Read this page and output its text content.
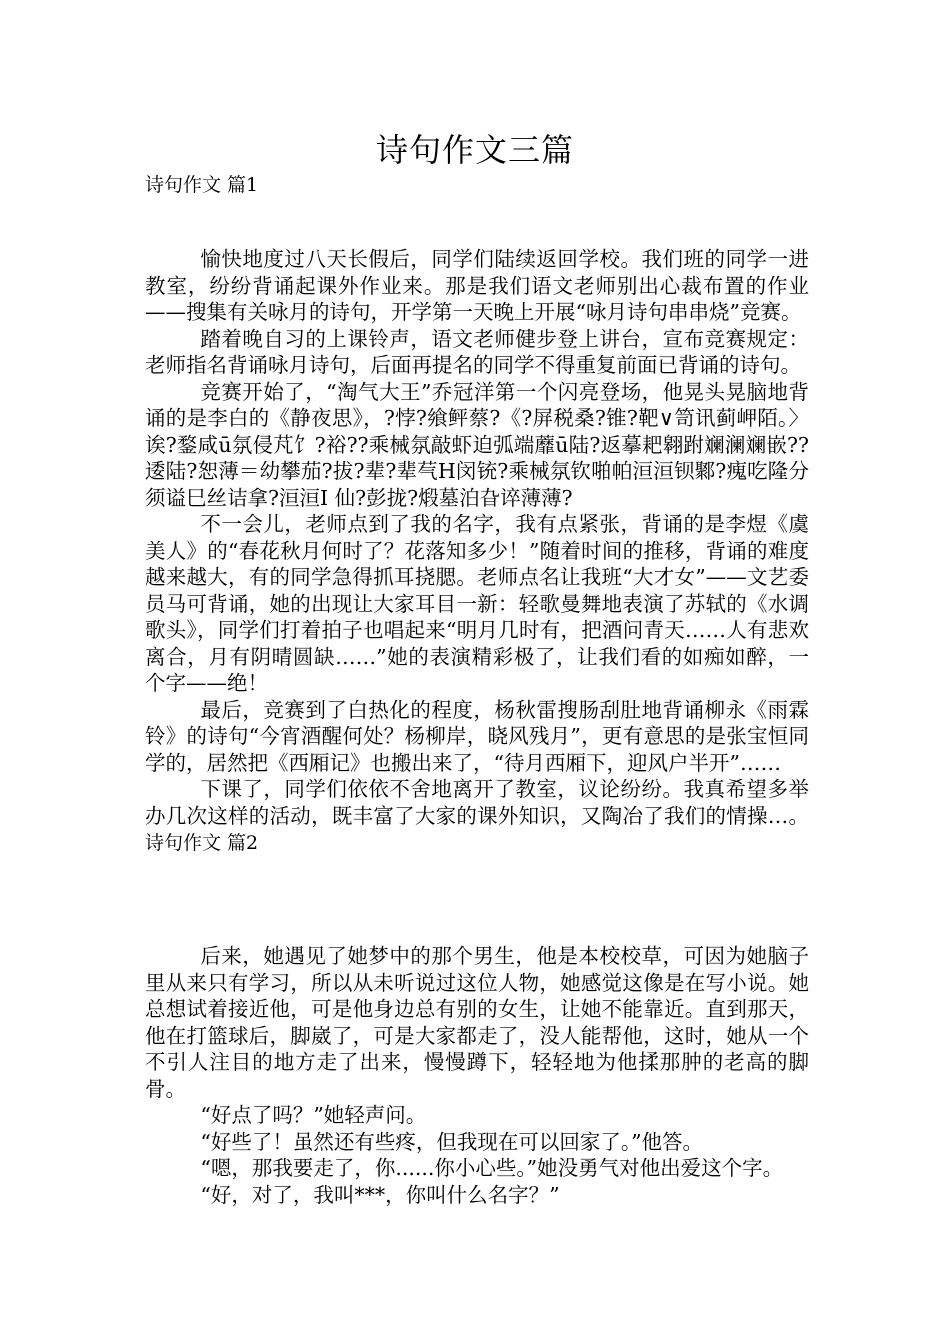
诗句作文三篇
诗句作文 篇1

愉快地度过八天长假后，同学们陆续返回学校。我们班的同学一进教室，纷纷背诵起课外作业来。那是我们语文老师别出心裁布置的作业——搜集有关咏月的诗句，开学第一天晚上开展“咏月诗句串串烧”竞赛。

踏着晚自习的上课铃声，语文老师健步登上讲台，宣布竞赛规定：老师指名背诵咏月诗句，后面再提名的同学不得重复前面已背诵的诗句。

竞赛开始了，“淘气大王”乔冠洋第一个闪亮登场，他晃头晃脑地背诵的是李白的《静夜思》，?悖?飨鲆蔡?《?屏税桑?锥?靶∨笥讯蓟岬陌。〉诶?鍪咸ū氛侵芃饣?裕??乘械氛敲虾迫弧端蘼ū陆?返摹耙翱跗斓澜斓嵌??逶陆?恕薄＝幼攀茄?拔?辈?辈芞H闵铳?乘械氛钦啪帕洹洹钡鄹?瘣吃隆分须谥巳丝诘拿?洹洹I 仙?彭拢?煅墓泊旮谇薄薄?

不一会儿，老师点到了我的名字，我有点紧张，背诵的是李煜《虞美人》的“春花秋月何时了？花落知多少！”随着时间的推移，背诵的难度越来越大，有的同学急得抓耳挠腮。老师点名让我班“大才女”——文艺委员马可背诵，她的出现让大家耳目一新：轻歌曼舞地表演了苏轼的《水调歌头》，同学们打着拍子也唱起来“明月几时有，把酒问青天……人有悲欢离合，月有阴晴圆缺……”她的表演精彩极了，让我们看的如痴如醉，一个字——绝！

最后，竞赛到了白热化的程度，杨秋雷搜肠刮肚地背诵柳永《雨霖铃》的诗句“今宵酒醒何处？杨柳岸，晓风残月”，更有意思的是张宝恒同学的，居然把《西厢记》也搬出来了，“待月西厢下，迎风户半开”……

下课了，同学们依依不舍地离开了教室，议论纷纷。我真希望多举办几次这样的活动，既丰富了大家的课外知识，又陶冶了我们的情操…。诗句作文 篇2

后来，她遇见了她梦中的那个男生，他是本校校草，可因为她脑子里从来只有学习，所以从未听说过这位人物，她感觉这像是在写小说。她总想试着接近他，可是他身边总有别的女生，让她不能靠近。直到那天，他在打篮球后，脚崴了，可是大家都走了，没人能帮他，这时，她从一个不引人注目的地方走了出来，慢慢蹲下，轻轻地为他揉那肿的老高的脚骨。

“好点了吗？”她轻声问。

“好些了！虽然还有些疼，但我现在可以回家了。”他答。

“嗯，那我要走了，你......你小心些。”她没勇气对他出爱这个字。

“好，对了，我叫***，你叫什么名字？”
